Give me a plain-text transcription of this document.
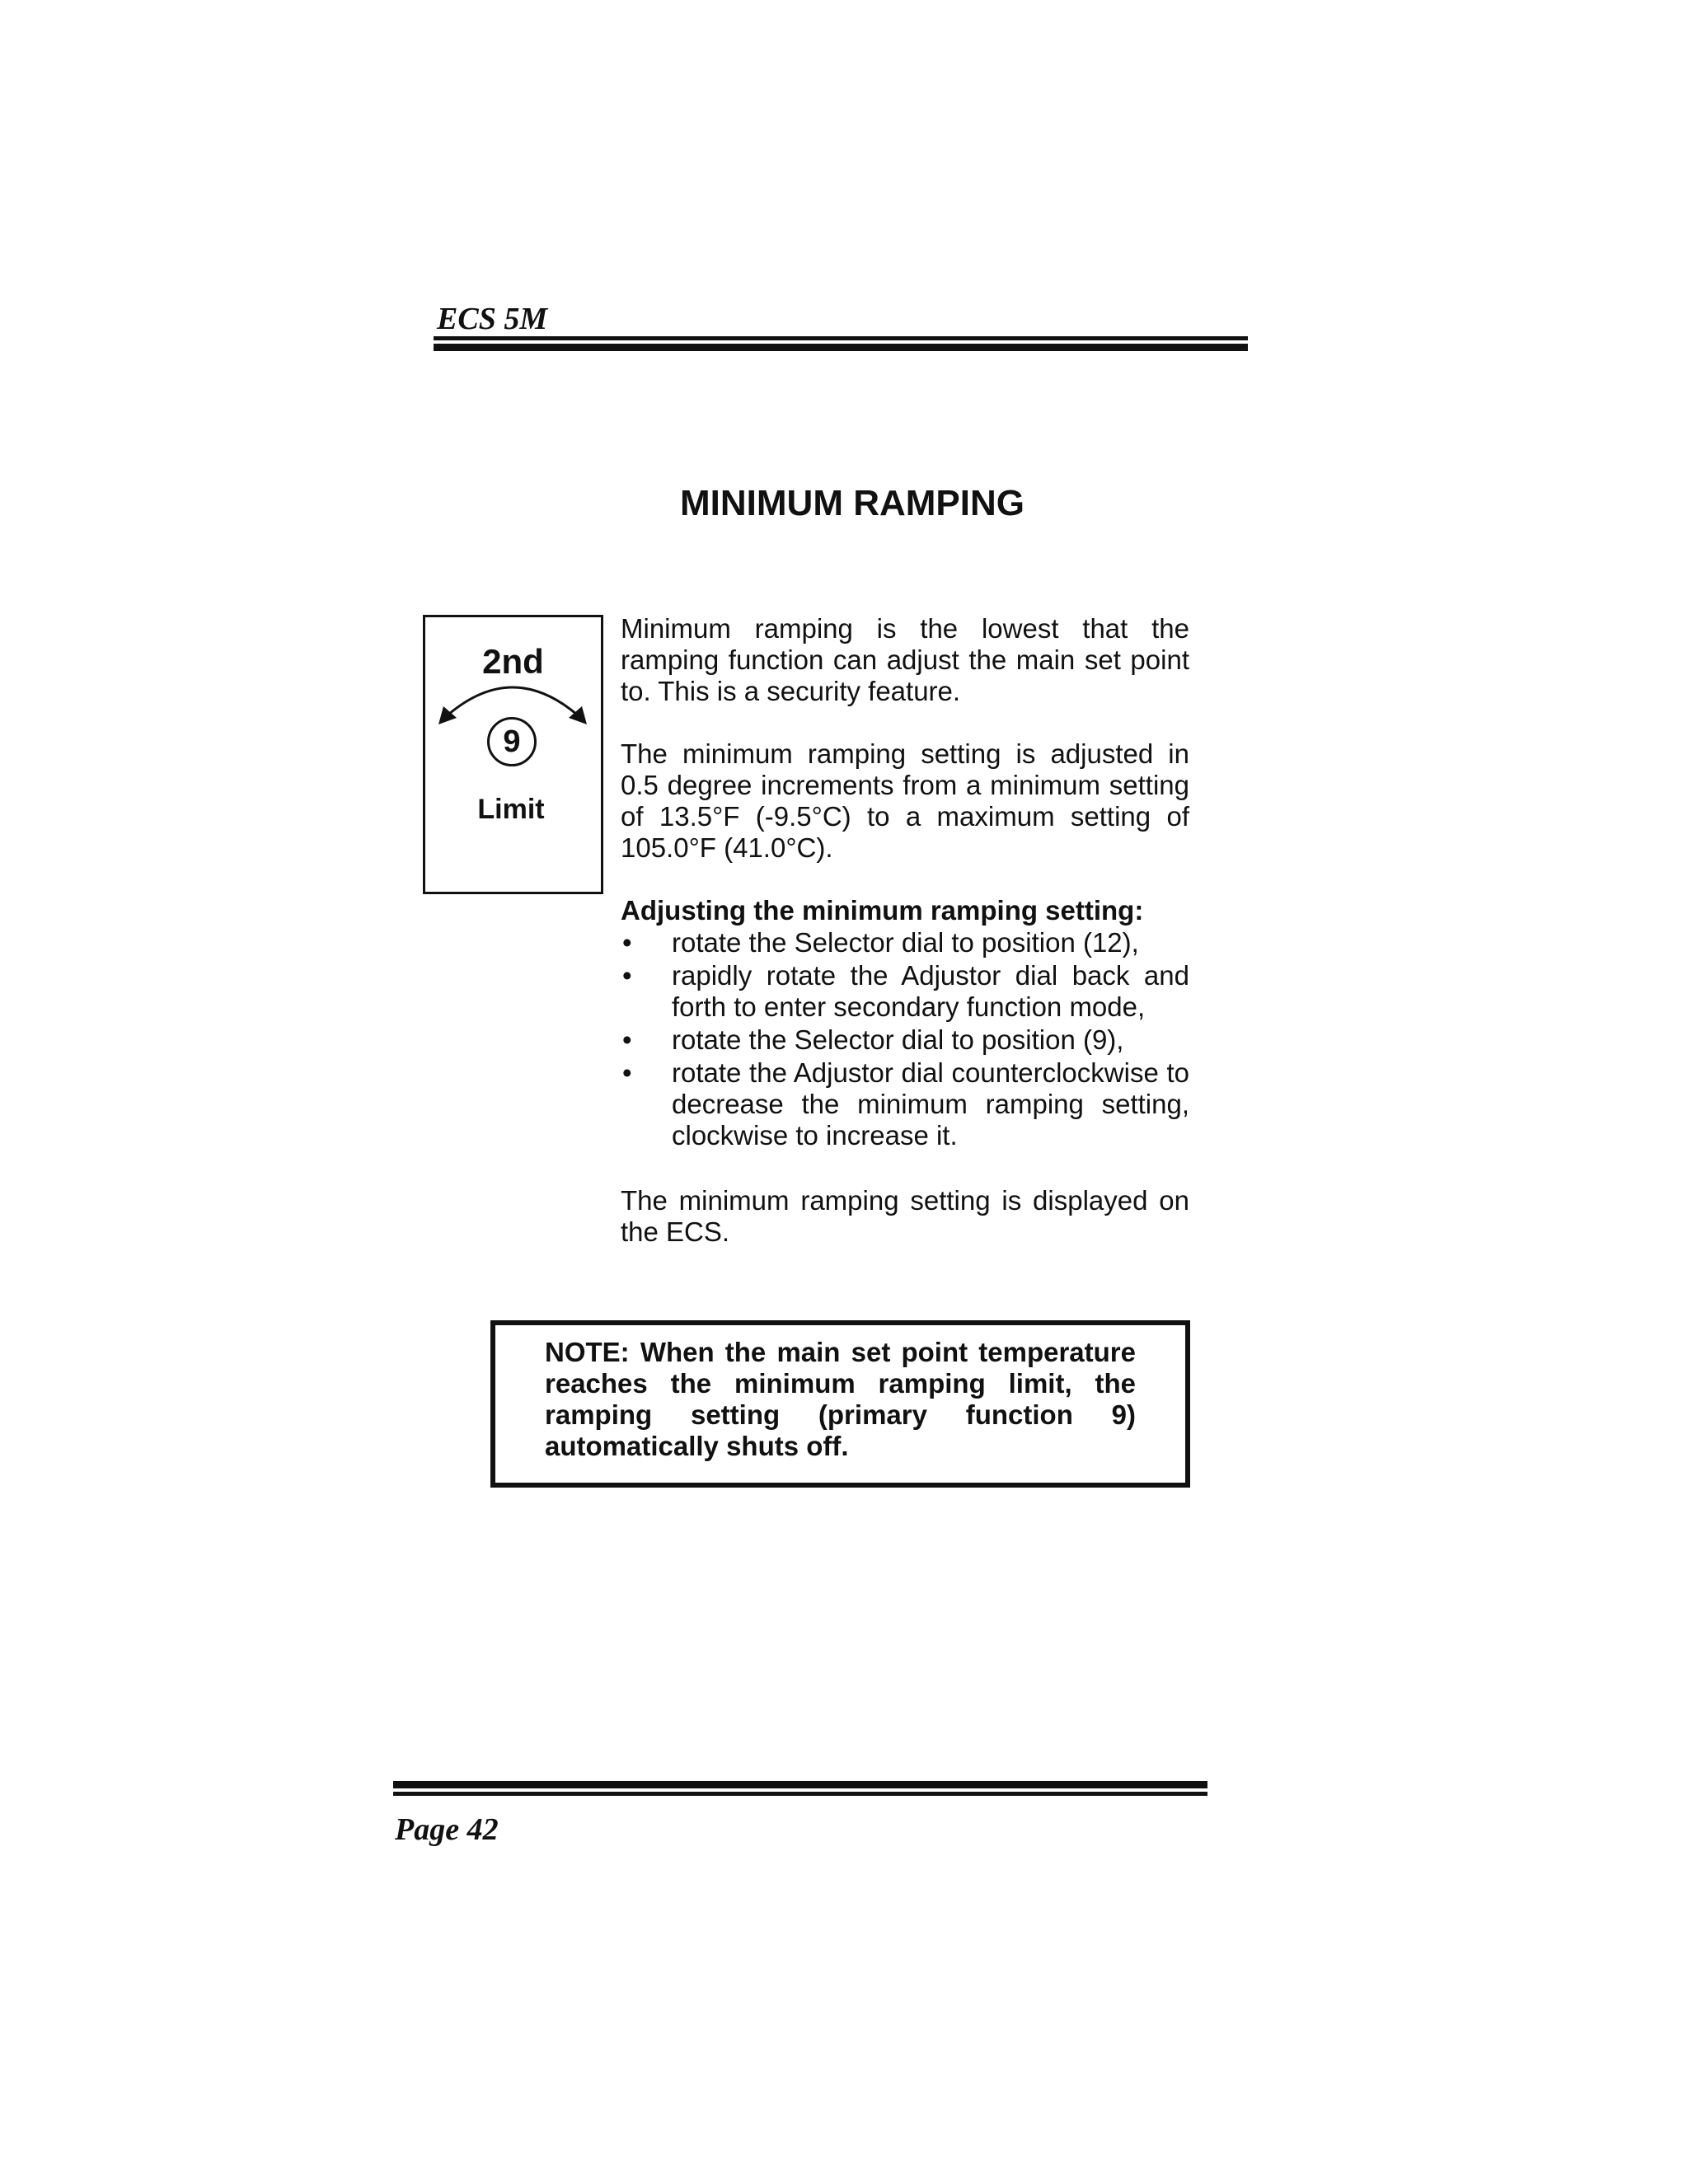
ECS 5M
MINIMUM RAMPING
2nd
9
Limit

Minimum ramping is the lowest that the ramping function can adjust the main set point to. This is a security feature.

The minimum ramping setting is adjusted in 0.5 degree increments from a minimum setting of 13.5°F (-9.5°C) to a maximum setting of 105.0°F (41.0°C).

Adjusting the minimum ramping setting:

• rotate the Selector dial to position (12),
• rapidly rotate the Adjustor dial back and forth to enter secondary function mode,
• rotate the Selector dial to position (9),
• rotate the Adjustor dial counterclockwise to decrease the minimum ramping setting, clockwise to increase it.

The minimum ramping setting is displayed on the ECS.

NOTE: When the main set point temperature reaches the minimum ramping limit, the ramping setting (primary function 9) automatically shuts off.

Page 42
